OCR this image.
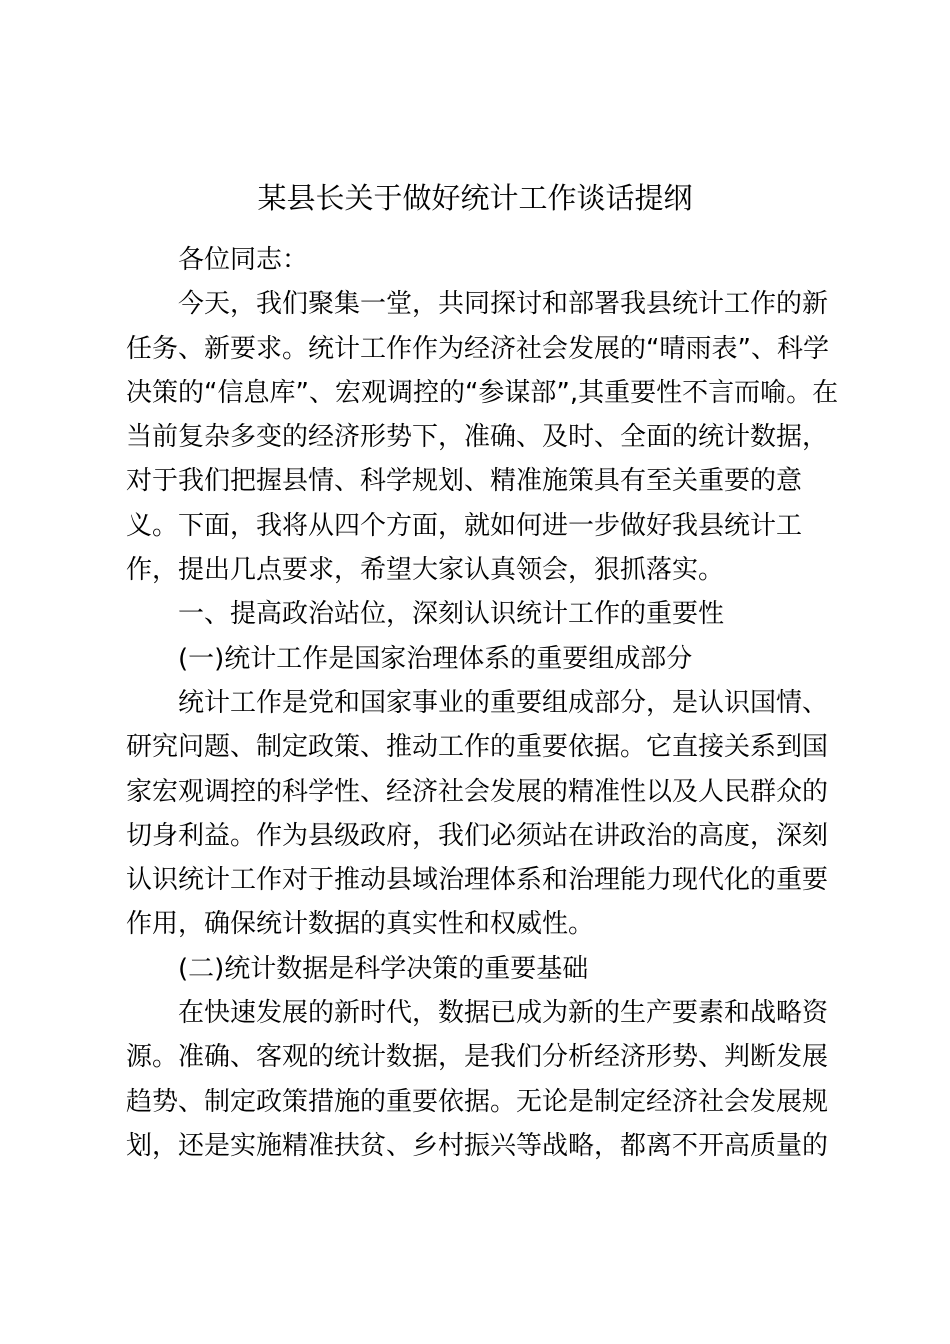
某县长关于做好统计工作谈话提纲
各位同志：
今天，我们聚集一堂，共同探讨和部署我县统计工作的新
任务、新要求。统计工作作为经济社会发展的“晴雨表”、科学
决策的“信息库”、宏观调控的“参谋部”,其重要性不言而喻。在
当前复杂多变的经济形势下，准确、及时、全面的统计数据，
对于我们把握县情、科学规划、精准施策具有至关重要的意
义。下面，我将从四个方面，就如何进一步做好我县统计工
作，提出几点要求，希望大家认真领会，狠抓落实。
一、提高政治站位，深刻认识统计工作的重要性
(一)统计工作是国家治理体系的重要组成部分
统计工作是党和国家事业的重要组成部分，是认识国情、
研究问题、制定政策、推动工作的重要依据。它直接关系到国
家宏观调控的科学性、经济社会发展的精准性以及人民群众的
切身利益。作为县级政府，我们必须站在讲政治的高度，深刻
认识统计工作对于推动县域治理体系和治理能力现代化的重要
作用，确保统计数据的真实性和权威性。
(二)统计数据是科学决策的重要基础
在快速发展的新时代，数据已成为新的生产要素和战略资
源。准确、客观的统计数据，是我们分析经济形势、判断发展
趋势、制定政策措施的重要依据。无论是制定经济社会发展规
划，还是实施精准扶贫、乡村振兴等战略，都离不开高质量的
